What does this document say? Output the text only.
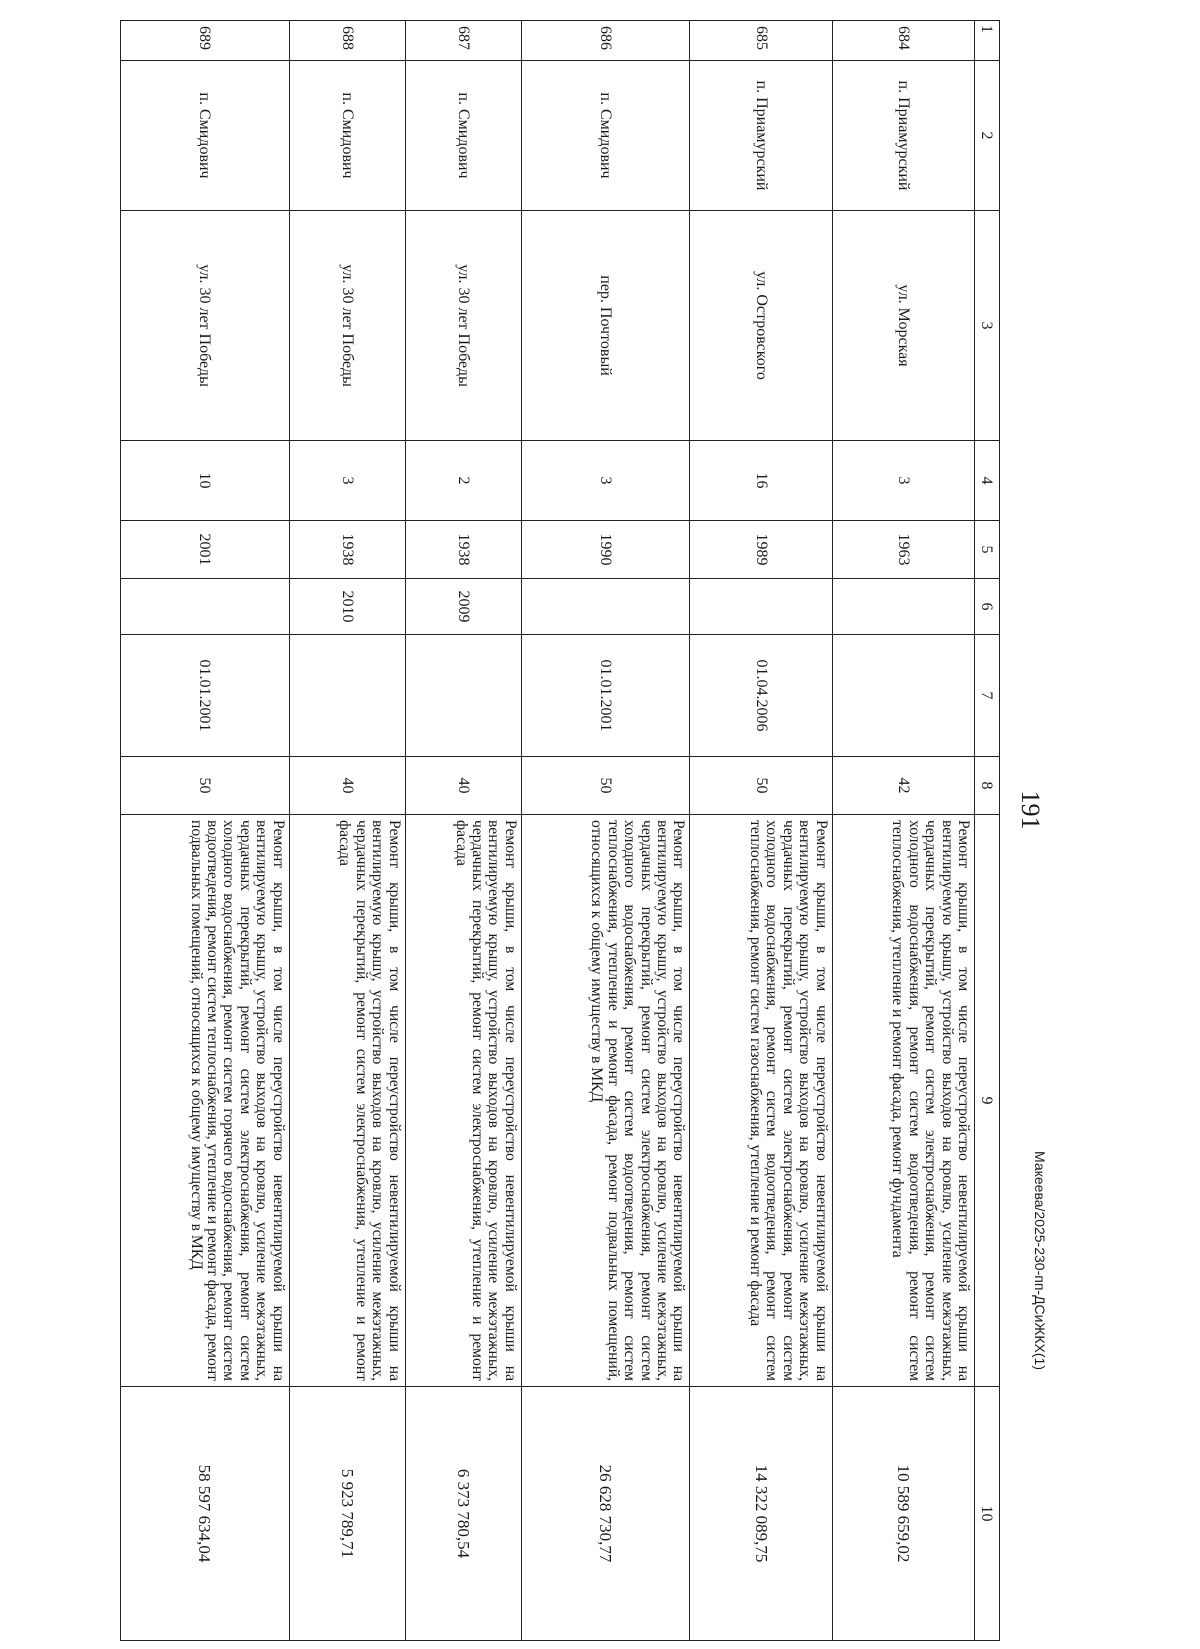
191
Макеева/2025-230-пп-ДСиЖКХ(1)
1	2	3	4	5	6	7	8	9	10
684	п. Приамурский	ул. Морская	3	1963			42	Ремонт крыши, в том числе переустройство невентилируемой крыши на вентилируемую крышу, устройство выходов на кровлю, усиление межэтажных, чердачных перекрытий, ремонт систем электроснабжения, ремонт систем холодного водоснабжения, ремонт систем водоотведения, ремонт систем теплоснабжения, утепление и ремонт фасада, ремонт фундамента	10 589 659,02
685	п. Приамурский	ул. Островского	16	1989		01.04.2006	50	Ремонт крыши, в том числе переустройство невентилируемой крыши на вентилируемую крышу, устройство выходов на кровлю, усиление межэтажных, чердачных перекрытий, ремонт систем электроснабжения, ремонт систем холодного водоснабжения, ремонт систем водоотведения, ремонт систем теплоснабжения, ремонт систем газоснабжения, утепление и ремонт фасада	14 322 089,75
686	п. Смидович	пер. Почтовый	3	1990		01.01.2001	50	Ремонт крыши, в том числе переустройство невентилируемой крыши на вентилируемую крышу, устройство выходов на кровлю, усиление межэтажных, чердачных перекрытий, ремонт систем электроснабжения, ремонт систем холодного водоснабжения, ремонт систем водоотведения, ремонт систем теплоснабжения, утепление и ремонт фасада, ремонт подвальных помещений, относящихся к общему имуществу в МКД	26 628 730,77
687	п. Смидович	ул. 30 лет Победы	2	1938	2009		40	Ремонт крыши, в том числе переустройство невентилируемой крыши на вентилируемую крышу, устройство выходов на кровлю, усиление межэтажных, чердачных перекрытий, ремонт систем электроснабжения, утепление и ремонт фасада	6 373 780,54
688	п. Смидович	ул. 30 лет Победы	3	1938	2010		40	Ремонт крыши, в том числе переустройство невентилируемой крыши на вентилируемую крышу, устройство выходов на кровлю, усиление межэтажных, чердачных перекрытий, ремонт систем электроснабжения, утепление и ремонт фасада	5 923 789,71
689	п. Смидович	ул. 30 лет Победы	10	2001		01.01.2001	50	Ремонт крыши, в том числе переустройство невентилируемой крыши на вентилируемую крышу, устройство выходов на кровлю, усиление межэтажных, чердачных перекрытий, ремонт систем электроснабжения, ремонт систем холодного водоснабжения, ремонт систем горячего водоснабжения, ремонт систем водоотведения, ремонт систем теплоснабжения, утепление и ремонт фасада, ремонт подвальных помещений, относящихся к общему имуществу в МКД	58 597 634,04
